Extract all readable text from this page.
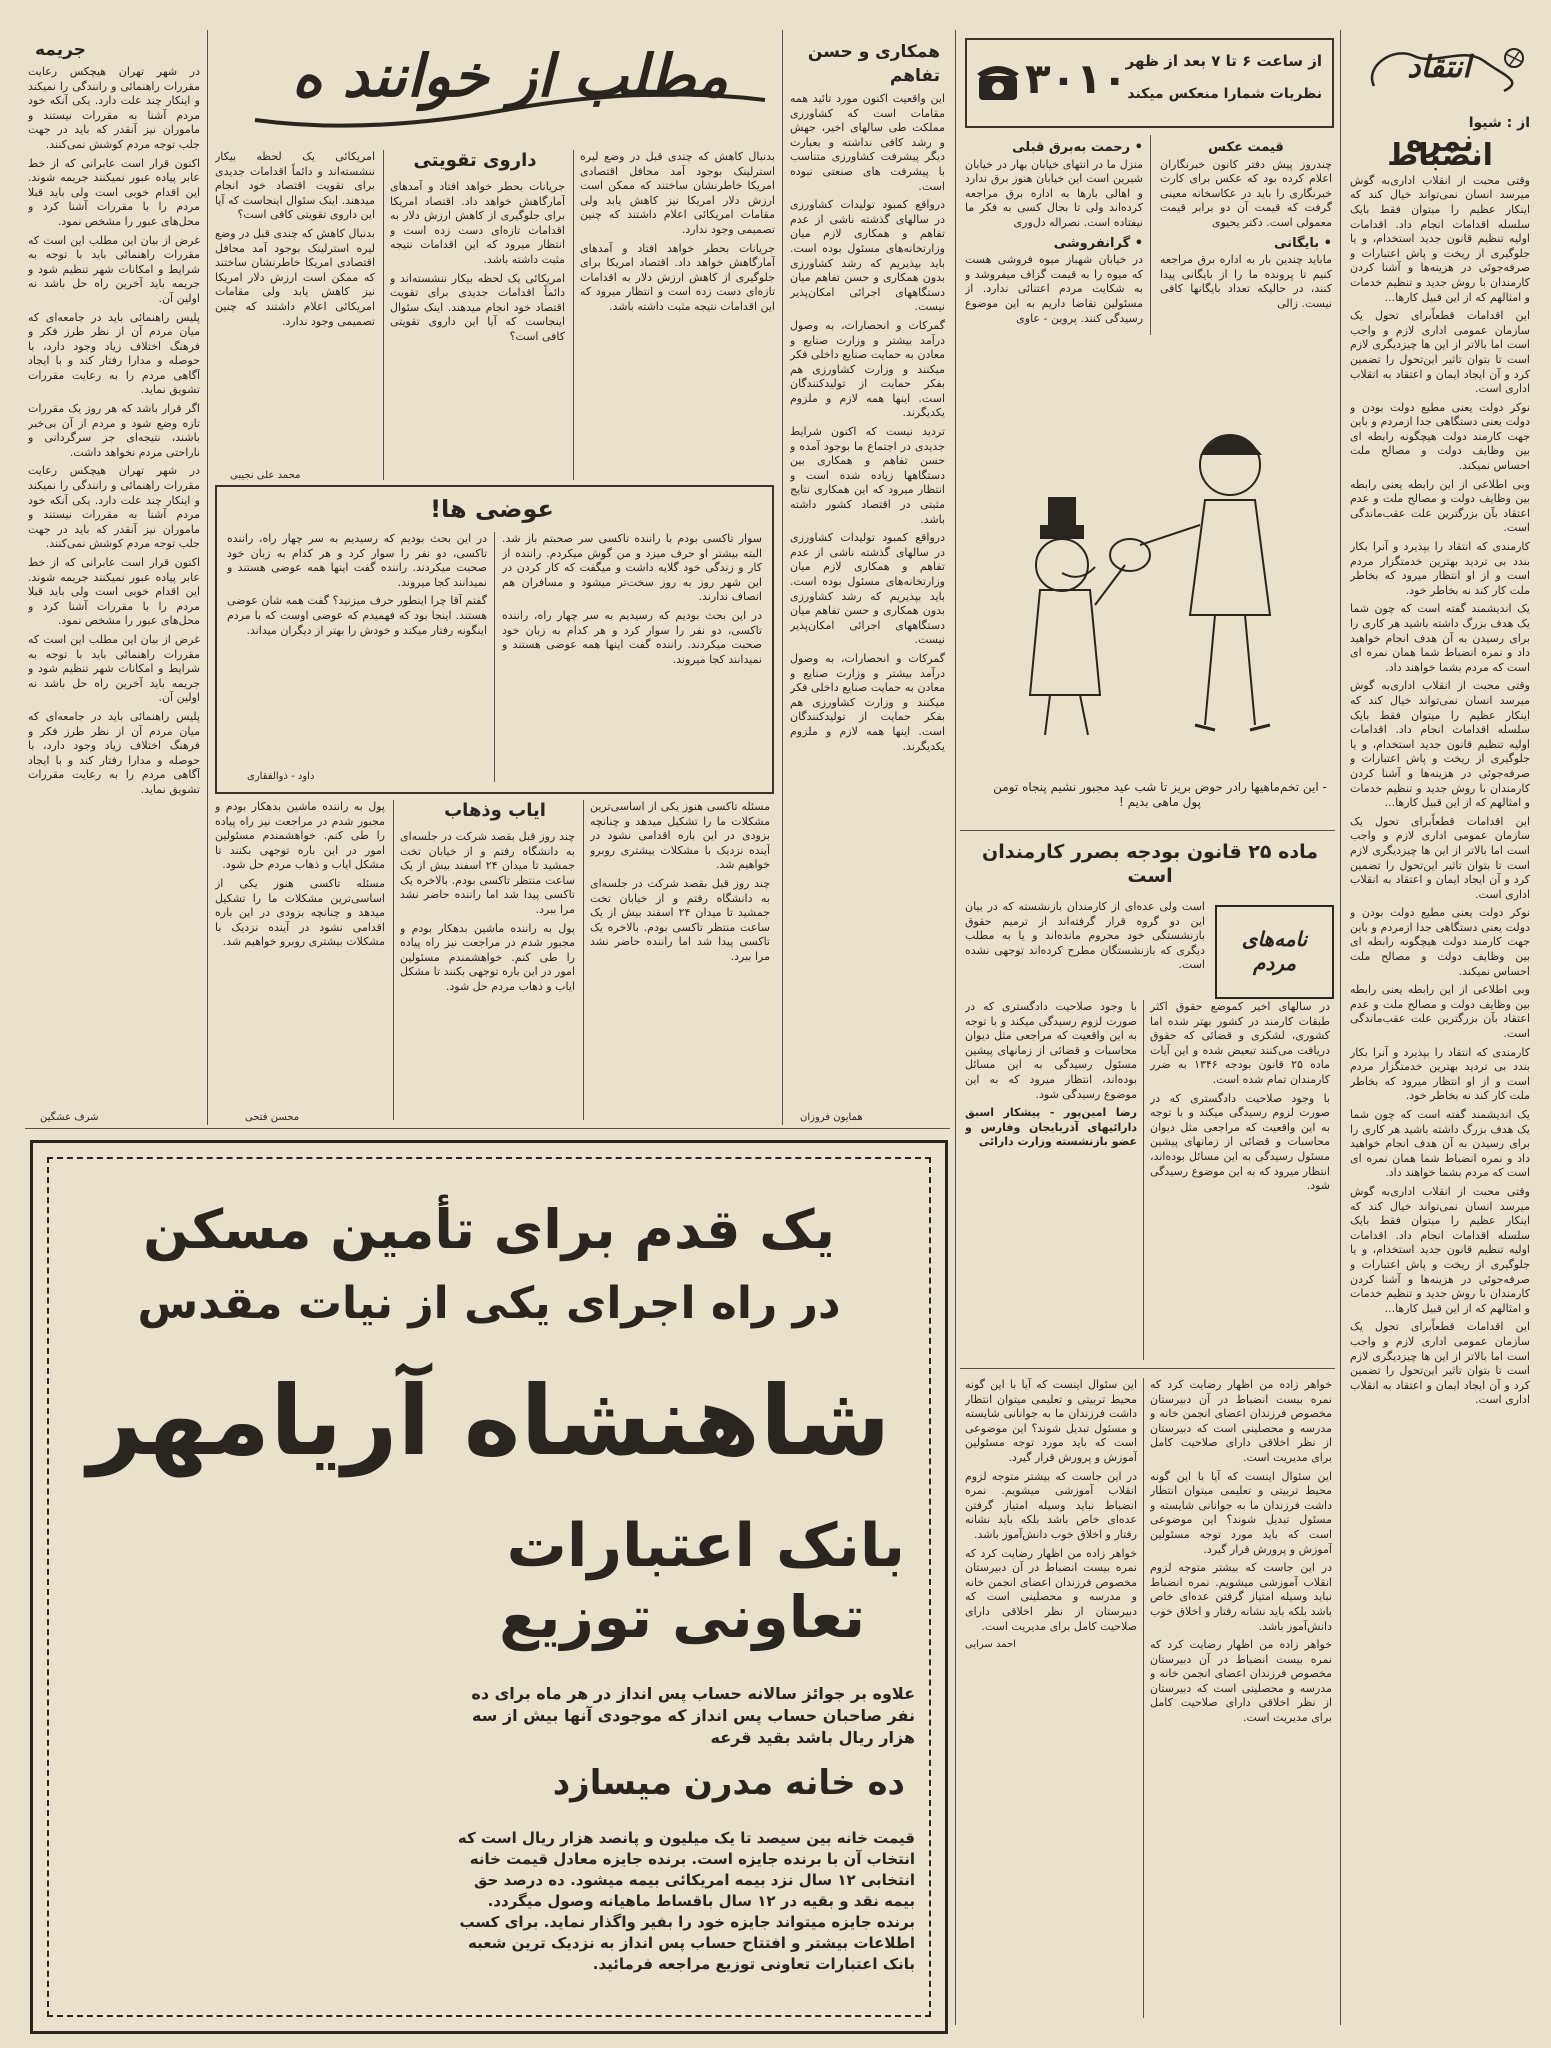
انتقاد
از : شیوا
نمره انضباط

وقتی محبت از انقلاب اداری‌به گوش میرسد انسان نمی‌تواند خیال کند که اینکار عظیم را میتوان فقط بایک سلسله اقدامات انجام داد. اقدامات اولیه تنظیم قانون جدید استخدام، و یا جلوگیری از ریخت و پاش اعتبارات و صرفه‌جوئی در هزینه‌ها و آشنا کردن کارمندان با روش جدید و تنظیم خدمات و امثالهم که از این قبیل کارها...

این اقدامات قطعاًبرای تحول یک سازمان عمومی اداری لازم و واجب است اما بالاتر از این ها چیزدیگری لازم است تا بتوان تاثیر این‌تحول را تضمین کرد و آن ایجاد ایمان و اعتقاد به انقلاب اداری است.

نوکر دولت یعنی مطیع دولت بودن و دولت یعنی دستگاهی جدا ازمردم و باین جهت کارمند دولت هیچگونه رابطه ای بین وظایف دولت و مصالح ملت احساس نمیکند.

وبی اطلاعی از این رابطه یعنی رابطه بین وظایف دولت و مصالح ملت و عدم اعتقاد بآن بزرگترین علت عقب‌ماندگی است.

کارمندی که انتقاد را بپذیرد و آنرا بکار بندد بی تردید بهترین خدمتگزار مردم است و از او انتظار میرود که بخاطر ملت کار کند نه بخاطر خود.

یک اندیشمند گفته است که چون شما یک هدف بزرگ داشته باشید هر کاری را برای رسیدن به آن هدف انجام خواهید داد و نمره انضباط شما همان نمره ای است که مردم بشما خواهند داد.

وقتی محبت از انقلاب اداری‌به گوش میرسد انسان نمی‌تواند خیال کند که اینکار عظیم را میتوان فقط بایک سلسله اقدامات انجام داد. اقدامات اولیه تنظیم قانون جدید استخدام، و یا جلوگیری از ریخت و پاش اعتبارات و صرفه‌جوئی در هزینه‌ها و آشنا کردن کارمندان با روش جدید و تنظیم خدمات و امثالهم که از این قبیل کارها...

این اقدامات قطعاًبرای تحول یک سازمان عمومی اداری لازم و واجب است اما بالاتر از این ها چیزدیگری لازم است تا بتوان تاثیر این‌تحول را تضمین کرد و آن ایجاد ایمان و اعتقاد به انقلاب اداری است.

نوکر دولت یعنی مطیع دولت بودن و دولت یعنی دستگاهی جدا ازمردم و باین جهت کارمند دولت هیچگونه رابطه ای بین وظایف دولت و مصالح ملت احساس نمیکند.

وبی اطلاعی از این رابطه یعنی رابطه بین وظایف دولت و مصالح ملت و عدم اعتقاد بآن بزرگترین علت عقب‌ماندگی است.

کارمندی که انتقاد را بپذیرد و آنرا بکار بندد بی تردید بهترین خدمتگزار مردم است و از او انتظار میرود که بخاطر ملت کار کند نه بخاطر خود.

یک اندیشمند گفته است که چون شما یک هدف بزرگ داشته باشید هر کاری را برای رسیدن به آن هدف انجام خواهید داد و نمره انضباط شما همان نمره ای است که مردم بشما خواهند داد.

وقتی محبت از انقلاب اداری‌به گوش میرسد انسان نمی‌تواند خیال کند که اینکار عظیم را میتوان فقط بایک سلسله اقدامات انجام داد. اقدامات اولیه تنظیم قانون جدید استخدام، و یا جلوگیری از ریخت و پاش اعتبارات و صرفه‌جوئی در هزینه‌ها و آشنا کردن کارمندان با روش جدید و تنظیم خدمات و امثالهم که از این قبیل کارها...

این اقدامات قطعاًبرای تحول یک سازمان عمومی اداری لازم و واجب است اما بالاتر از این ها چیزدیگری لازم است تا بتوان تاثیر این‌تحول را تضمین کرد و آن ایجاد ایمان و اعتقاد به انقلاب اداری است.

۳۰۱۰
از ساعت ۶ تا ۷ بعد از ظهر
نظریات شمارا منعکس میکند
قیمت عکس

چندروز پیش دفتر کانون خبرنگاران اعلام کرده بود که عکس برای کارت خبرنگاری را باید در عکاسخانه معینی گرفت که قیمت آن دو برابر قیمت معمولی است. دکتر یحیوی

• بایگانی

ماباید چندین بار به اداره برق مراجعه کنیم تا پرونده ما را از بایگانی پیدا کنند، در حالیکه تعداد بایگانها کافی نیست. زالی

• رحمت به‌برق قبلی

منزل ما در انتهای خیابان بهار در خیابان شیرین است این خیابان هنوز برق ندارد و اهالی بارها به اداره برق مراجعه کرده‌اند ولی تا بحال کسی به فکر ما نیفتاده است. نصراله دل‌وری

• گرانفروشی

در خیابان شهباز میوه فروشی هست که میوه را به قیمت گزاف میفروشد و به شکایت مردم اعتنائی ندارد. از مسئولین تقاضا داریم به این موضوع رسیدگی کنند. پروین - عاوی

- این تخم‌ماهیها رادر حوض بریز تا شب عید مجبور نشیم پنجاه تومن پول ماهی بدیم !
ماده ۲۵ قانون بودجه بصرر کارمندان است
نامه‌های مردم

است ولی عده‌ای از کارمندان بازنشسته که در بیان این دو گروه قرار گرفته‌اند از ترمیم حقوق بازنشستگی خود محروم مانده‌اند و یا به مطلب دیگری که بازنشستگان مطرح کرده‌اند توجهی نشده است.

در سالهای اخیر کموضع حقوق اکثر طبقات کارمند در کشور بهتر شده اما کشوری، لشکری و قضائی که حقوق دریافت می‌کنند تبعیض شده و این آیات ماده ۲۵ قانون بودجه ۱۳۴۶ به ضرر کارمندان تمام شده است.

با وجود صلاحیت دادگستری که در صورت لزوم رسیدگی میکند و با توجه به این واقعیت که مراجعی مثل دیوان محاسبات و قضائی از زمانهای پیشین مسئول رسیدگی به این مسائل بوده‌اند، انتظار میرود که به این موضوع رسیدگی شود.

با وجود صلاحیت دادگستری که در صورت لزوم رسیدگی میکند و با توجه به این واقعیت که مراجعی مثل دیوان محاسبات و قضائی از زمانهای پیشین مسئول رسیدگی به این مسائل بوده‌اند، انتظار میرود که به این موضوع رسیدگی شود.

رضا امین‌پور - پیشکار اسبق دارائیهای آذربایجان وفارس و عضو بازنشسته وزارت دارائی

خواهر زاده من اظهار رضایت کرد که نمره بیست انضباط در آن دبیرستان مخصوص فرزندان اعضای انجمن خانه و مدرسه و محصلینی است که دبیرستان از نظر اخلاقی دارای صلاحیت کامل برای مدیریت است.

این سئوال اینست که آیا با این گونه محیط تربیتی و تعلیمی میتوان انتظار داشت فرزندان ما به جوانانی شایسته و مسئول تبدیل شوند؟ این موضوعی است که باید مورد توجه مسئولین آموزش و پرورش قرار گیرد.

در این جاست که بیشتر متوجه لزوم انقلاب آموزشی میشویم. نمره انضباط نباید وسیله امتیاز گرفتن عده‌ای خاص باشد بلکه باید نشانه رفتار و اخلاق خوب دانش‌آموز باشد.

خواهر زاده من اظهار رضایت کرد که نمره بیست انضباط در آن دبیرستان مخصوص فرزندان اعضای انجمن خانه و مدرسه و محصلینی است که دبیرستان از نظر اخلاقی دارای صلاحیت کامل برای مدیریت است.

این سئوال اینست که آیا با این گونه محیط تربیتی و تعلیمی میتوان انتظار داشت فرزندان ما به جوانانی شایسته و مسئول تبدیل شوند؟ این موضوعی است که باید مورد توجه مسئولین آموزش و پرورش قرار گیرد.

در این جاست که بیشتر متوجه لزوم انقلاب آموزشی میشویم. نمره انضباط نباید وسیله امتیاز گرفتن عده‌ای خاص باشد بلکه باید نشانه رفتار و اخلاق خوب دانش‌آموز باشد.

خواهر زاده من اظهار رضایت کرد که نمره بیست انضباط در آن دبیرستان مخصوص فرزندان اعضای انجمن خانه و مدرسه و محصلینی است که دبیرستان از نظر اخلاقی دارای صلاحیت کامل برای مدیریت است.

احمد سرایی
همکاری و حسن تفاهم

این واقعیت اکنون مورد تائید همه مقامات است که کشاورزی مملکت طی سالهای اخیر، جهش و رشد کافی نداشته و بعبارت دیگر پیشرفت کشاورزی متناسب با پیشرفت های صنعتی نبوده است.

درواقع کمبود تولیدات کشاورزی در سالهای گذشته ناشی از عدم تفاهم و همکاری لازم میان وزارتخانه‌های مسئول بوده است. باید بپذیریم که رشد کشاورزی بدون همکاری و حسن تفاهم میان دستگاههای اجرائی امکان‌پذیر نیست.

گمرکات و انحصارات، به وصول درآمد بیشتر و وزارت صنایع و معادن به حمایت صنایع داخلی فکر میکنند و وزارت کشاورزی هم بفکر حمایت از تولیدکنندگان است. اینها همه لازم و ملزوم یکدیگرند.

تردید نیست که اکنون شرایط جدیدی در اجتماع ما بوجود آمده و حسن تفاهم و همکاری بین دستگاهها زیاده شده است و انتظار میرود که این همکاری نتایج مثبتی در اقتصاد کشور داشته باشد.

درواقع کمبود تولیدات کشاورزی در سالهای گذشته ناشی از عدم تفاهم و همکاری لازم میان وزارتخانه‌های مسئول بوده است. باید بپذیریم که رشد کشاورزی بدون همکاری و حسن تفاهم میان دستگاههای اجرائی امکان‌پذیر نیست.

گمرکات و انحصارات، به وصول درآمد بیشتر و وزارت صنایع و معادن به حمایت صنایع داخلی فکر میکنند و وزارت کشاورزی هم بفکر حمایت از تولیدکنندگان است. اینها همه لازم و ملزوم یکدیگرند.

همایون فروزان
مطلب از خوانند ه
داروی تقویتی	بدنبال کاهش که چندی قبل در وضع لیره استرلینک بوجود آمد محافل اقتصادی امریکا خاطرنشان ساختند که ممکن است ارزش دلار امریکا نیز کاهش یابد ولی مقامات امریکائی اعلام داشتند که چنین تصمیمی وجود ندارد.

جریانات بحطر خواهد افتاد و آمدهای آمارگاهش خواهد داد. اقتصاد امریکا برای جلوگیری از کاهش ارزش دلار به اقدامات تازه‌ای دست زده است و انتظار میرود که این اقدامات نتیجه مثبت داشته باشد.

جریانات بحطر خواهد افتاد و آمدهای آمارگاهش خواهد داد. اقتصاد امریکا برای جلوگیری از کاهش ارزش دلار به اقدامات تازه‌ای دست زده است و انتظار میرود که این اقدامات نتیجه مثبت داشته باشد.

امریکائی یک لحظه بیکار ننشسته‌اند و دائماً اقدامات جدیدی برای تقویت اقتصاد خود انجام میدهند. اینک سئوال اینجاست که آیا این داروی تقویتی کافی است؟

امریکائی یک لحظه بیکار ننشسته‌اند و دائماً اقدامات جدیدی برای تقویت اقتصاد خود انجام میدهند. اینک سئوال اینجاست که آیا این داروی تقویتی کافی است؟

بدنبال کاهش که چندی قبل در وضع لیره استرلینک بوجود آمد محافل اقتصادی امریکا خاطرنشان ساختند که ممکن است ارزش دلار امریکا نیز کاهش یابد ولی مقامات امریکائی اعلام داشتند که چنین تصمیمی وجود ندارد.

محمد علی نجیبی
جریمه

در شهر تهران هیچکس رعایت مقررات راهنمائی و رانندگی را نمیکند و اینکار چند علت دارد. یکی آنکه خود مردم آشنا به مقررات نیستند و ماموران نیز آنقدر که باید در جهت جلب توجه مردم کوشش نمی‌کنند.

اکنون قرار است عابرانی که از خط عابر پیاده عبور نمیکنند جریمه شوند. این اقدام خوبی است ولی باید قبلا مردم را با مقررات آشنا کرد و محل‌های عبور را مشخص نمود.

غرض از بیان این مطلب این است که مقررات راهنمائی باید با توجه به شرایط و امکانات شهر تنظیم شود و جریمه باید آخرین راه حل باشد نه اولین آن.

پلیس راهنمائی باید در جامعه‌ای که میان مردم آن از نظر طرز فکر و فرهنگ اختلاف زیاد وجود دارد، با حوصله و مدارا رفتار کند و با ایجاد آگاهی مردم را به رعایت مقررات تشویق نماید.

اگر قرار باشد که هر روز یک مقررات تازه وضع شود و مردم از آن بی‌خبر باشند، نتیجه‌ای جز سرگردانی و ناراحتی مردم نخواهد داشت.

در شهر تهران هیچکس رعایت مقررات راهنمائی و رانندگی را نمیکند و اینکار چند علت دارد. یکی آنکه خود مردم آشنا به مقررات نیستند و ماموران نیز آنقدر که باید در جهت جلب توجه مردم کوشش نمی‌کنند.

اکنون قرار است عابرانی که از خط عابر پیاده عبور نمیکنند جریمه شوند. این اقدام خوبی است ولی باید قبلا مردم را با مقررات آشنا کرد و محل‌های عبور را مشخص نمود.

غرض از بیان این مطلب این است که مقررات راهنمائی باید با توجه به شرایط و امکانات شهر تنظیم شود و جریمه باید آخرین راه حل باشد نه اولین آن.

پلیس راهنمائی باید در جامعه‌ای که میان مردم آن از نظر طرز فکر و فرهنگ اختلاف زیاد وجود دارد، با حوصله و مدارا رفتار کند و با ایجاد آگاهی مردم را به رعایت مقررات تشویق نماید.

شرف عشگین
عوضی ها!

سوار تاکسی بودم با راننده تاکسی سر صحبتم باز شد. البته بیشتر او حرف میزد و من گوش میکردم. راننده از کار و زندگی خود گلایه داشت و میگفت که کار کردن در این شهر روز به روز سخت‌تر میشود و مسافران هم انصاف ندارند.

در این بحث بودیم که رسیدیم به سر چهار راه، راننده تاکسی، دو نفر را سوار کرد و هر کدام به زبان خود صحبت میکردند. راننده گفت اینها همه عوضی هستند و نمیدانند کجا میروند.

در این بحث بودیم که رسیدیم به سر چهار راه، راننده تاکسی، دو نفر را سوار کرد و هر کدام به زبان خود صحبت میکردند. راننده گفت اینها همه عوضی هستند و نمیدانند کجا میروند.

گفتم آقا چرا اینطور حرف میزنید؟ گفت همه شان عوضی هستند. اینجا بود که فهمیدم که عوضی اوست که با مردم اینگونه رفتار میکند و خودش را بهتر از دیگران میداند.

داود - ذوالفقاری

مسئله تاکسی هنوز یکی از اساسی‌ترین مشکلات ما را تشکیل میدهد و چنانچه بزودی در این باره اقدامی نشود در آینده نزدیک با مشکلات بیشتری روبرو خواهیم شد.

چند روز قبل بقصد شرکت در جلسه‌ای به دانشگاه رفتم و از خیابان تخت جمشید تا میدان ۲۴ اسفند بیش از یک ساعت منتظر تاکسی بودم. بالاخره یک تاکسی پیدا شد اما راننده حاضر نشد مرا ببرد.

ایاب وذهاب

چند روز قبل بقصد شرکت در جلسه‌ای به دانشگاه رفتم و از خیابان تخت جمشید تا میدان ۲۴ اسفند بیش از یک ساعت منتظر تاکسی بودم. بالاخره یک تاکسی پیدا شد اما راننده حاضر نشد مرا ببرد.

پول به راننده ماشین بدهکار بودم و مجبور شدم در مراجعت نیز راه پیاده را طی کنم. خواهشمندم مسئولین امور در این باره توجهی بکنند تا مشکل ایاب و ذهاب مردم حل شود.

پول به راننده ماشین بدهکار بودم و مجبور شدم در مراجعت نیز راه پیاده را طی کنم. خواهشمندم مسئولین امور در این باره توجهی بکنند تا مشکل ایاب و ذهاب مردم حل شود.

مسئله تاکسی هنوز یکی از اساسی‌ترین مشکلات ما را تشکیل میدهد و چنانچه بزودی در این باره اقدامی نشود در آینده نزدیک با مشکلات بیشتری روبرو خواهیم شد.

محسن فتحی
یک قدم برای تأمین مسکن
در راه اجرای یکی از نیات مقدس
شاهنشاه آریامهر
بانک اعتبارات
تعاونی توزیع
علاوه بر جوائز سالانه حساب پس انداز در هر ماه برای ده نفر صاحبان حساب پس انداز که موجودی آنها بیش از سه هزار ریال باشد بقید قرعه
ده خانه مدرن میسازد
قیمت خانه بین سیصد تا یک میلیون و پانصد هزار ریال است که انتخاب آن با برنده جایزه است. برنده جایزه معادل قیمت خانه انتخابی ۱۲ سال نزد بیمه امریکائی بیمه میشود. ده درصد حق بیمه نقد و بقیه در ۱۲ سال باقساط ماهیانه وصول میگردد. برنده جایزه میتواند جایزه خود را بفیر واگذار نماید. برای کسب اطلاعات بیشتر و افتتاح حساب پس انداز به نزدیک ترین شعبه بانک اعتبارات تعاونی توزیع مراجعه فرمائید.
